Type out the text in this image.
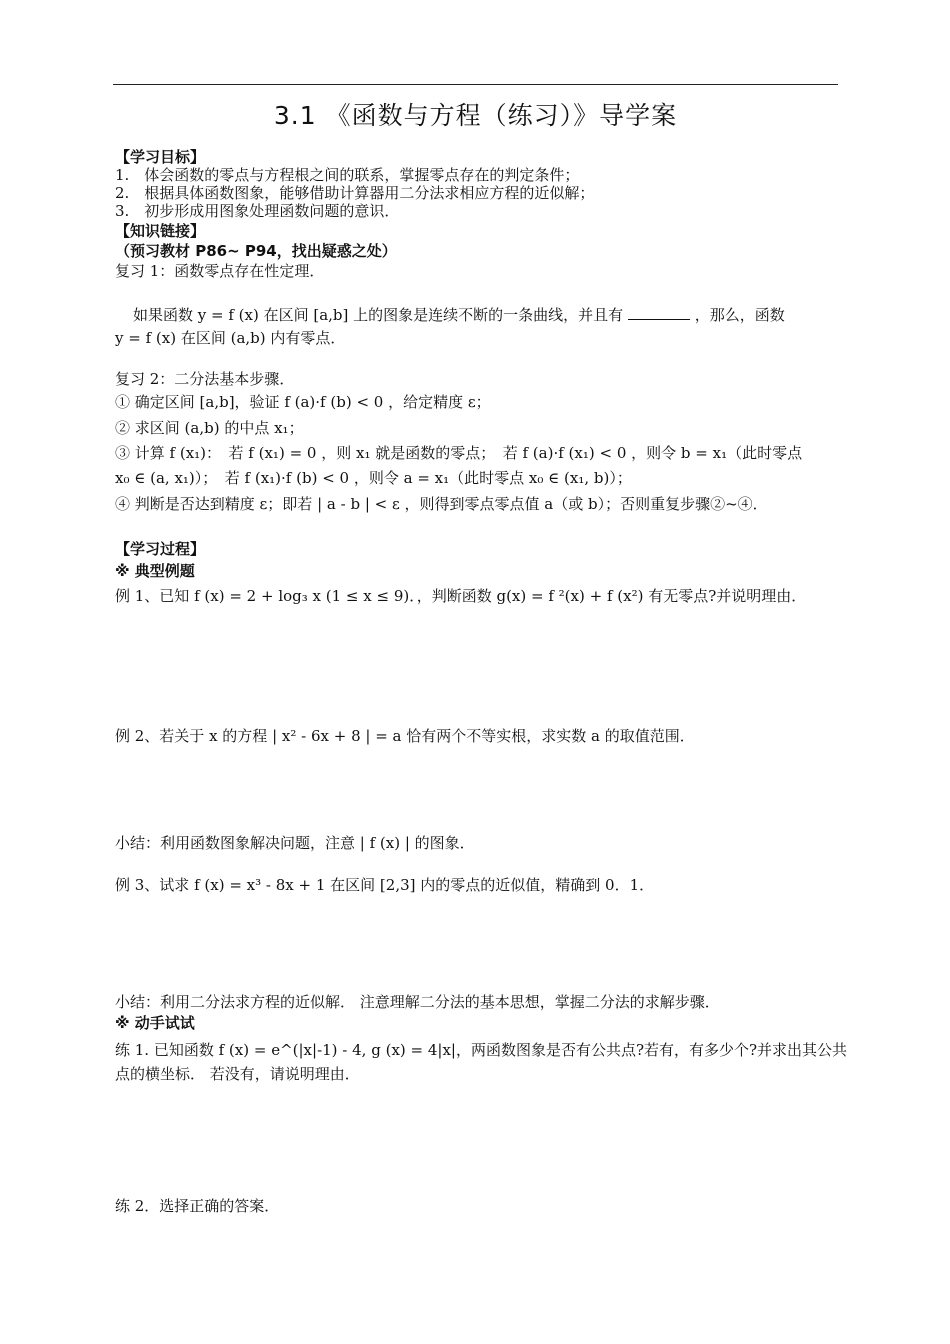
3.1 《函数与方程（练习）》导学案
【学习目标】
1.　体会函数的零点与方程根之间的联系，掌握零点存在的判定条件；
2.　根据具体函数图象，能够借助计算器用二分法求相应方程的近似解；
3.　初步形成用图象处理函数问题的意识．
【知识链接】
（预习教材 P86~ P94，找出疑惑之处）
复习 1：函数零点存在性定理．
如果函数 y = f (x) 在区间 [a,b] 上的图象是连续不断的一条曲线，并且有	，那么，函数
y = f (x) 在区间 (a,b) 内有零点．
复习 2：二分法基本步骤．
① 确定区间 [a,b]，验证 f (a)·f (b) < 0 ，给定精度 ε；
② 求区间 (a,b) 的中点 x₁；
③ 计算 f (x₁)：　若 f (x₁) = 0 ，则 x₁ 就是函数的零点；　若 f (a)·f (x₁) < 0 ，则令 b = x₁（此时零点
x₀ ∈ (a, x₁)）；　若 f (x₁)·f (b) < 0 ，则令 a = x₁（此时零点 x₀ ∈ (x₁, b)）；
④ 判断是否达到精度 ε；即若 | a - b | < ε ，则得到零点零点值 a（或 b）；否则重复步骤②~④．
【学习过程】
※ 典型例题
例 1、已知 f (x) = 2 + log₃ x (1 ≤ x ≤ 9)．，判断函数 g(x) = f ²(x) + f (x²) 有无零点?并说明理由．
例 2、若关于 x 的方程 | x² - 6x + 8 | = a 恰有两个不等实根，求实数 a 的取值范围．
小结：利用函数图象解决问题，注意 | f (x) | 的图象．
例 3、试求 f (x) = x³ - 8x + 1 在区间 [2,3] 内的零点的近似值，精确到 0．1．
小结：利用二分法求方程的近似解． 注意理解二分法的基本思想，掌握二分法的求解步骤．
※ 动手试试
练 1. 已知函数 f (x) = e^(|x|-1) - 4, g (x) = 4|x|，两函数图象是否有公共点?若有，有多少个?并求出其公共
点的横坐标． 若没有，请说明理由．
练 2．选择正确的答案．
